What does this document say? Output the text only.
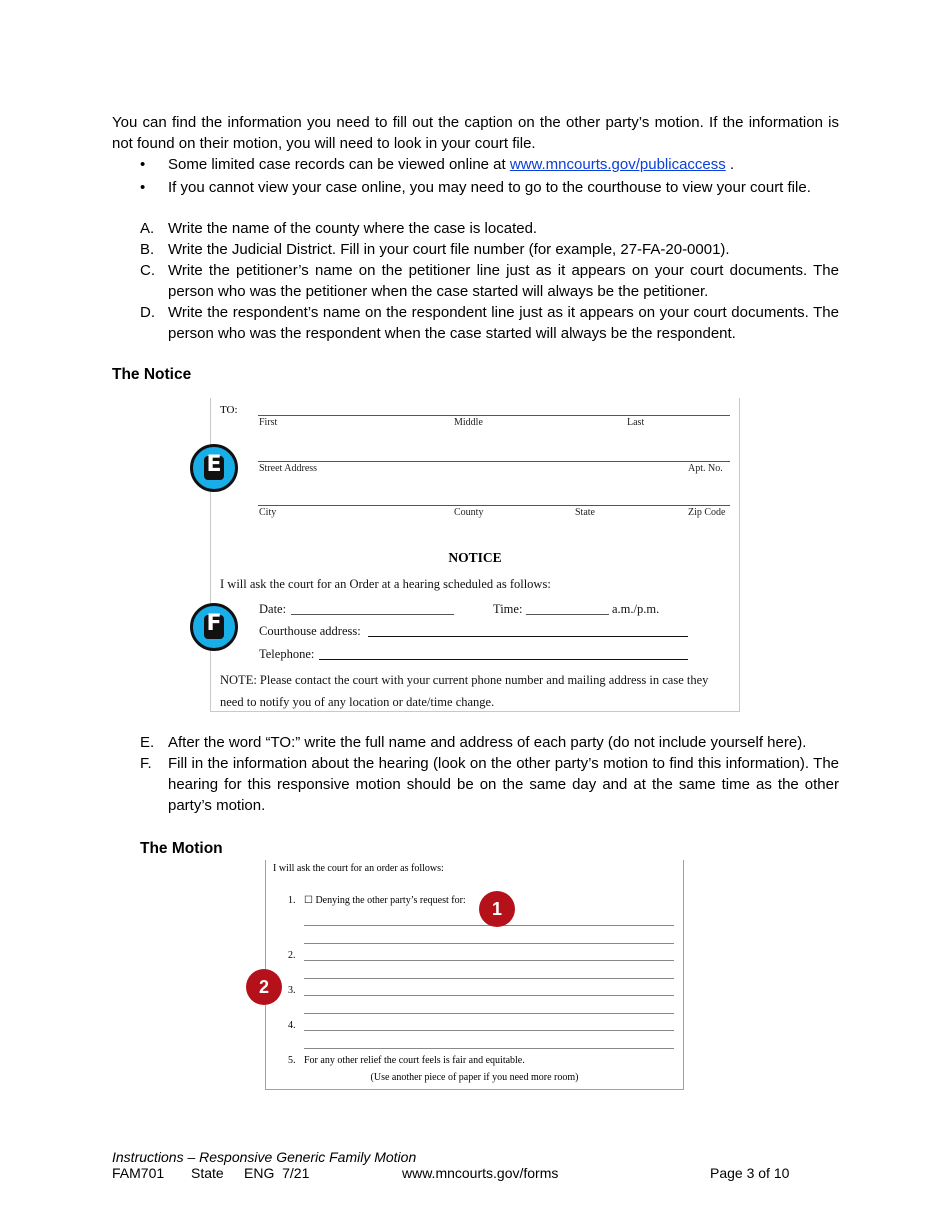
You can find the information you need to fill out the caption on the other party’s motion. If the information is not found on their motion, you will need to look in your court file.
• Some limited case records can be viewed online at www.mncourts.gov/publicaccess .
• If you cannot view your case online, you may need to go to the courthouse to view your court file.
A. Write the name of the county where the case is located.
B. Write the Judicial District. Fill in your court file number (for example, 27-FA-20-0001).
C. Write the petitioner’s name on the petitioner line just as it appears on your court documents. The person who was the petitioner when the case started will always be the petitioner.
D. Write the respondent’s name on the respondent line just as it appears on your court documents. The person who was the respondent when the case started will always be the respondent.
The Notice
TO:
First	Middle	Last
Street Address	Apt. No.
City	County	State	Zip Code
NOTICE
I will ask the court for an Order at a hearing scheduled as follows:
Date:	Time:	a.m./p.m.
Courthouse address:
Telephone:
NOTE: Please contact the court with your current phone number and mailing address in case they need to notify you of any location or date/time change.
E
F
E. After the word “TO:” write the full name and address of each party (do not include yourself here).
F. Fill in the information about the hearing (look on the other party’s motion to find this information). The hearing for this responsive motion should be on the same day and at the same time as the other party’s motion.
The Motion
I will ask the court for an order as follows:
1. ☐ Denying the other party’s request for:
2.
3.
4.
5. For any other relief the court feels is fair and equitable.
(Use another piece of paper if you need more room)
1
2
Instructions – Responsive Generic Family Motion
FAM701 State ENG  7/21	www.mncourts.gov/forms	Page 3 of 10
